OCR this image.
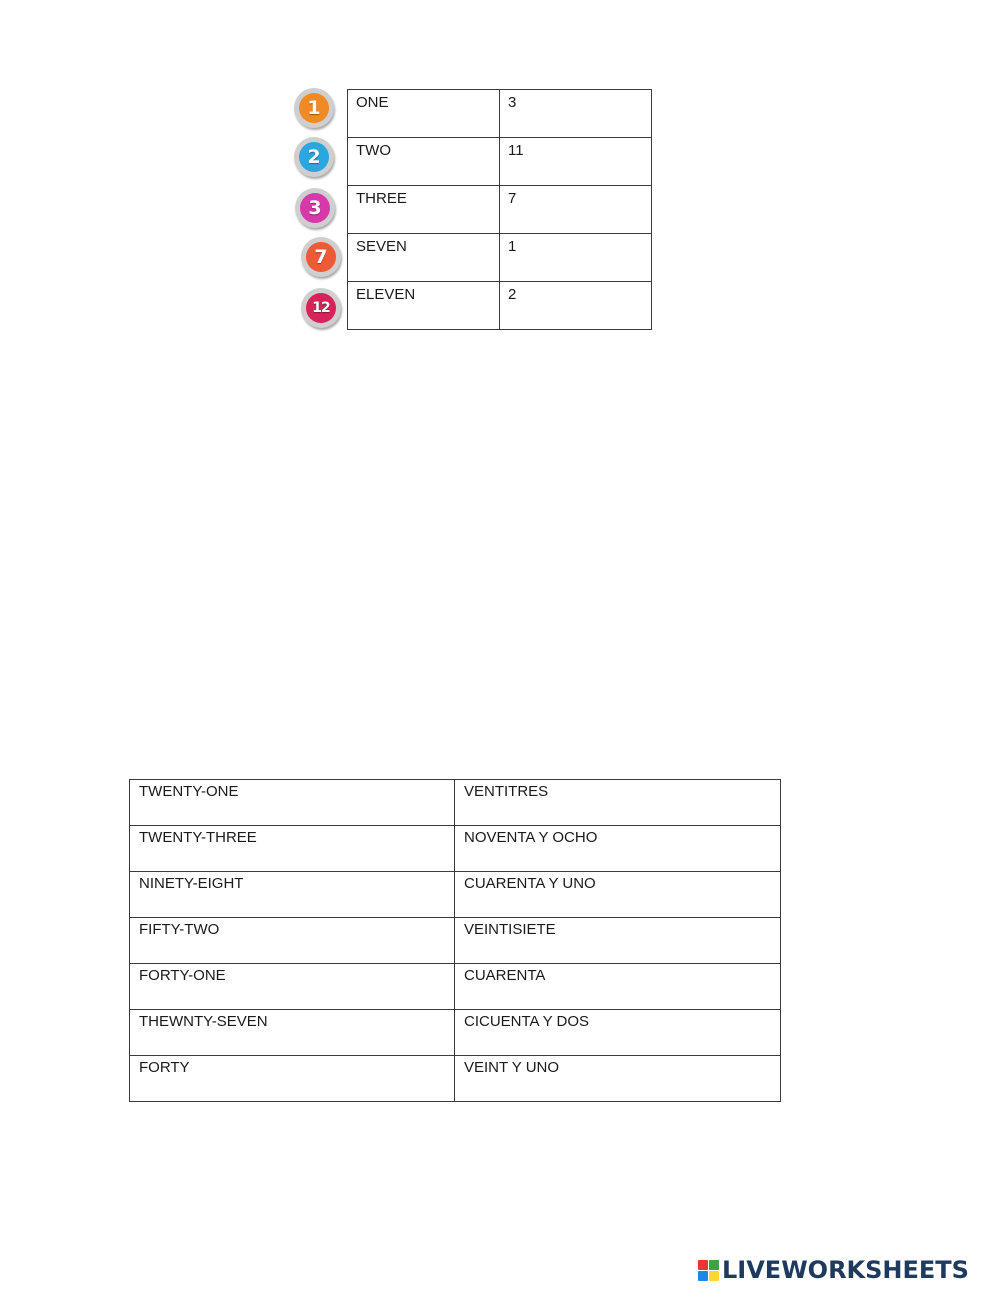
1
2
3
7
12
ONE	3

TWO	11

THREE	7

SEVEN	1

ELEVEN	2
TWENTY-ONE	VENTITRES

TWENTY-THREE	NOVENTA Y OCHO

NINETY-EIGHT	CUARENTA Y UNO

FIFTY-TWO	VEINTISIETE

FORTY-ONE	CUARENTA

THEWNTY-SEVEN	CICUENTA Y DOS

FORTY	VEINT Y UNO
LIVEWORKSHEETS
